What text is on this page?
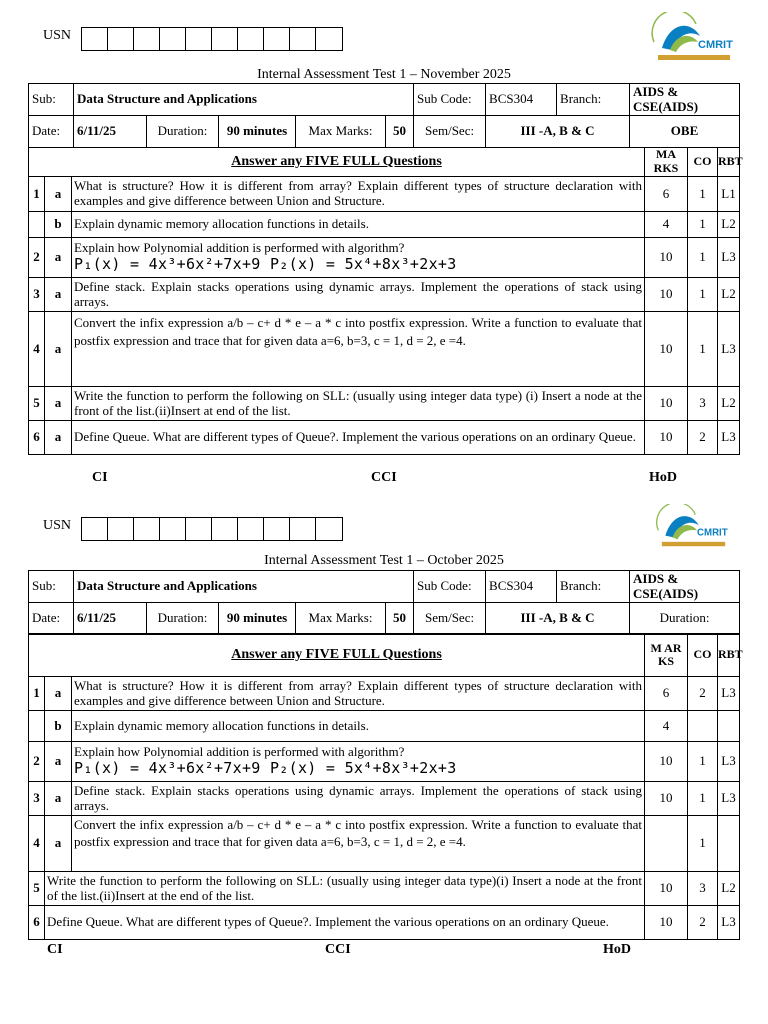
USN
CMRIT
Internal Assessment Test 1 – November 2025
Sub:	Data Structure and Applications					Sub Code:	BCS304	Branch:	AIDS & CSE(AIDS)
Date:	6/11/25	Duration:	90 minutes	Max Marks:	50	Sem/Sec:	III -A, B & C		OBE
Answer any FIVE FULL Questions			MA RKS	CO	RBT
1	a	What is structure? How it is different from array? Explain different types of structure declaration with examples and give difference between Union and Structure.	6	1	L1
	b	Explain dynamic memory allocation functions in details.	4	1	L2
2	a	Explain how Polynomial addition is performed with algorithm?
P₁(x) = 4x³+6x²+7x+9 P₂(x) = 5x⁴+8x³+2x+3	10	1	L3
3	a	Define stack. Explain stacks operations using dynamic arrays. Implement the operations of stack using arrays.	10	1	L2
4	a	Convert the infix expression a/b – c+ d * e – a * c into postfix expression. Write a function to evaluate that postfix expression and trace that for given data a=6, b=3, c = 1, d = 2, e =4.	10	1	L3
5	a	Write the function to perform the following on SLL: (usually using integer data type) (i) Insert a node at the front of the list.(ii)Insert at end of the list.	10	3	L2
6	a	Define Queue. What are different types of Queue?. Implement the various operations on an ordinary Queue.	10	2	L3
CI	CCI	HoD
USN
CMRIT
Internal Assessment Test 1 – October 2025
Sub:	Data Structure and Applications					Sub Code:	BCS304	Branch:	AIDS & CSE(AIDS)
Date:	6/11/25	Duration:	90 minutes	Max Marks:	50	Sem/Sec:	III -A, B & C		Duration:
Answer any FIVE FULL Questions			M AR KS	CO	RBT
1	a	What is structure? How it is different from array? Explain different types of structure declaration with examples and give difference between Union and Structure.	6	2	L3
	b	Explain dynamic memory allocation functions in details.	4		
2	a	Explain how Polynomial addition is performed with algorithm?
P₁(x) = 4x³+6x²+7x+9 P₂(x) = 5x⁴+8x³+2x+3	10	1	L3
3	a	Define stack. Explain stacks operations using dynamic arrays. Implement the operations of stack using arrays.	10	1	L3
4	a	Convert the infix expression a/b – c+ d * e – a * c into postfix expression. Write a function to evaluate that postfix expression and trace that for given data a=6, b=3, c = 1, d = 2, e =4.		1	
5	Write the function to perform the following on SLL: (usually using integer data type)(i) Insert a node at the front of the list.(ii)Insert at the end of the list.		10	3	L2
6	Define Queue. What are different types of Queue?. Implement the various operations on an ordinary Queue.		10	2	L3
CI	CCI	HoD
